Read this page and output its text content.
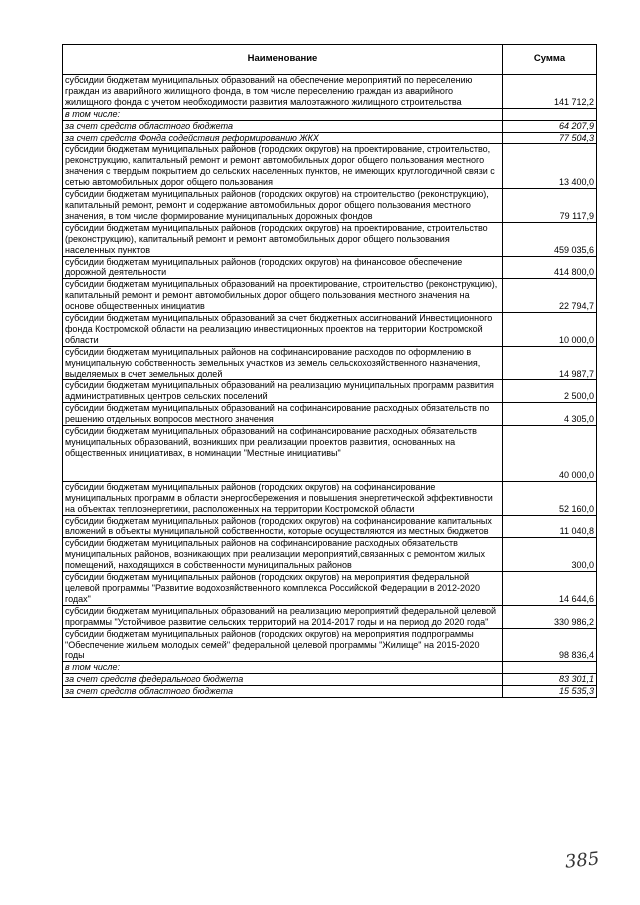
Наименование	Сумма
субсидии бюджетам муниципальных образований на обеспечение мероприятий по переселению граждан из аварийного жилищного фонда, в том числе переселению граждан из аварийного жилищного фонда с учетом необходимости развития малоэтажного жилищного строительства	141 712,2
в том числе:	
за счет средств областного бюджета	64 207,9
за счет средств Фонда содействия реформированию ЖКХ	77 504,3
субсидии бюджетам муниципальных районов (городских округов) на проектирование, строительство, реконструкцию, капитальный ремонт и ремонт автомобильных дорог общего пользования местного значения с твердым покрытием до сельских населенных пунктов, не имеющих круглогодичной связи с сетью автомобильных дорог общего пользования	13 400,0
субсидии бюджетам муниципальных районов (городских округов) на строительство (реконструкцию), капитальный ремонт, ремонт и содержание автомобильных дорог общего пользования местного значения, в том числе формирование муниципальных дорожных фондов	79 117,9
субсидии бюджетам муниципальных районов (городских округов) на проектирование, строительство (реконструкцию), капитальный ремонт и ремонт автомобильных дорог общего пользования населенных пунктов	459 035,6
субсидии бюджетам муниципальных районов (городских округов) на финансовое обеспечение дорожной деятельности	414 800,0
субсидии бюджетам муниципальных образований на проектирование, строительство (реконструкцию), капитальный ремонт и ремонт автомобильных дорог общего пользования местного значения на основе общественных инициатив	22 794,7
субсидии бюджетам муниципальных образований за счет бюджетных ассигнований Инвестиционного фонда Костромской области на реализацию инвестиционных проектов на территории Костромской области	10 000,0
субсидии бюджетам муниципальных районов на софинансирование расходов по оформлению в муниципальную собственность земельных участков из земель сельскохозяйственного назначения, выделяемых в счет земельных долей	14 987,7
субсидии бюджетам муниципальных образований на реализацию муниципальных программ развития административных центров сельских поселений	2 500,0
субсидии бюджетам муниципальных образований на софинансирование расходных обязательств по решению отдельных вопросов местного значения	4 305,0
субсидии бюджетам муниципальных образований на софинансирование расходных обязательств муниципальных образований, возникших при реализации проектов развития, основанных на общественных инициативах, в номинации "Местные инициативы"	40 000,0
субсидии бюджетам муниципальных районов (городских округов) на софинансирование муниципальных программ в области энергосбережения и повышения энергетической эффективности на объектах теплоэнергетики, расположенных на территории Костромской области	52 160,0
субсидии бюджетам муниципальных районов (городских округов) на софинансирование капитальных вложений в объекты муниципальной собственности, которые осуществляются из местных бюджетов	11 040,8
субсидии бюджетам муниципальных районов на софинансирование расходных обязательств муниципальных районов, возникающих при реализации мероприятий,связанных с ремонтом жилых помещений, находящихся в собственности муниципальных районов	300,0
субсидии бюджетам муниципальных районов (городских округов) на мероприятия федеральной целевой программы "Развитие водохозяйственного комплекса Российской Федерации в 2012-2020 годах"	14 644,6
субсидии бюджетам муниципальных образований на реализацию мероприятий федеральной целевой программы "Устойчивое развитие сельских территорий на 2014-2017 годы и на период до 2020 года"	330 986,2
субсидии бюджетам муниципальных районов (городских округов) на мероприятия подпрограммы "Обеспечение жильем молодых семей" федеральной целевой программы "Жилище" на 2015-2020 годы	98 836,4
в том числе:	
за счет средств федерального бюджета	83 301,1
за счет средств областного бюджета	15 535,3
385
